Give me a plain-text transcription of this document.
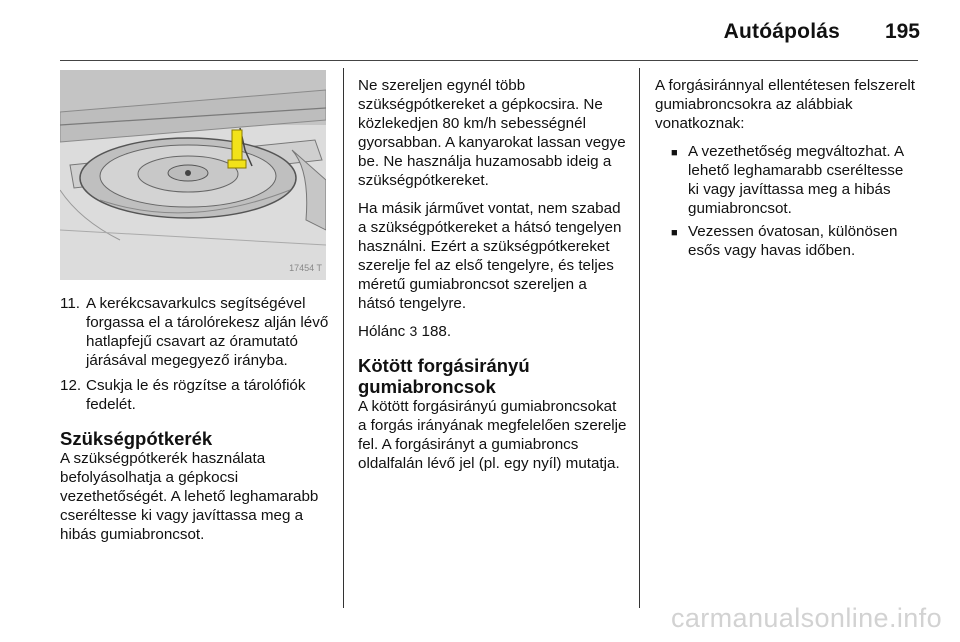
Autóápolás 195
17454 T
11. A kerékcsavarkulcs segítségével forgassa el a tárolórekesz alján lévő hatlapfejű csavart az óramutató járásával megegyező irányba.
12. Csukja le és rögzítse a tárolófiók fedelét.
Szükségpótkerék

A szükségpótkerék használata befolyásolhatja a gépkocsi vezethetőségét. A lehető leghamarabb cseréltesse ki vagy javíttassa meg a hibás gumiabroncsot.

Ne szereljen egynél több szükségpótkereket a gépkocsira. Ne közlekedjen 80 km/h sebességnél gyorsabban. A kanyarokat lassan vegye be. Ne használja huzamosabb ideig a szükségpótkereket.

Ha másik járművet vontat, nem szabad a szükségpótkereket a hátsó tengelyen használni. Ezért a szükségpótkereket szerelje fel az első tengelyre, és teljes méretű gumiabroncsot szereljen a hátsó tengelyre.

Hólánc 3 188.

Kötött forgásirányú gumiabroncsok

A kötött forgásirányú gumiabroncsokat a forgás irányának megfelelően szerelje fel. A forgásirányt a gumiabroncs oldalfalán lévő jel (pl. egy nyíl) mutatja.

A forgásiránnyal ellentétesen felszerelt gumiabroncsokra az alábbiak vonatkoznak:

■ A vezethetőség megváltozhat. A lehető leghamarabb cseréltesse ki vagy javíttassa meg a hibás gumiabroncsot.
■ Vezessen óvatosan, különösen esős vagy havas időben.
carmanualsonline.info
